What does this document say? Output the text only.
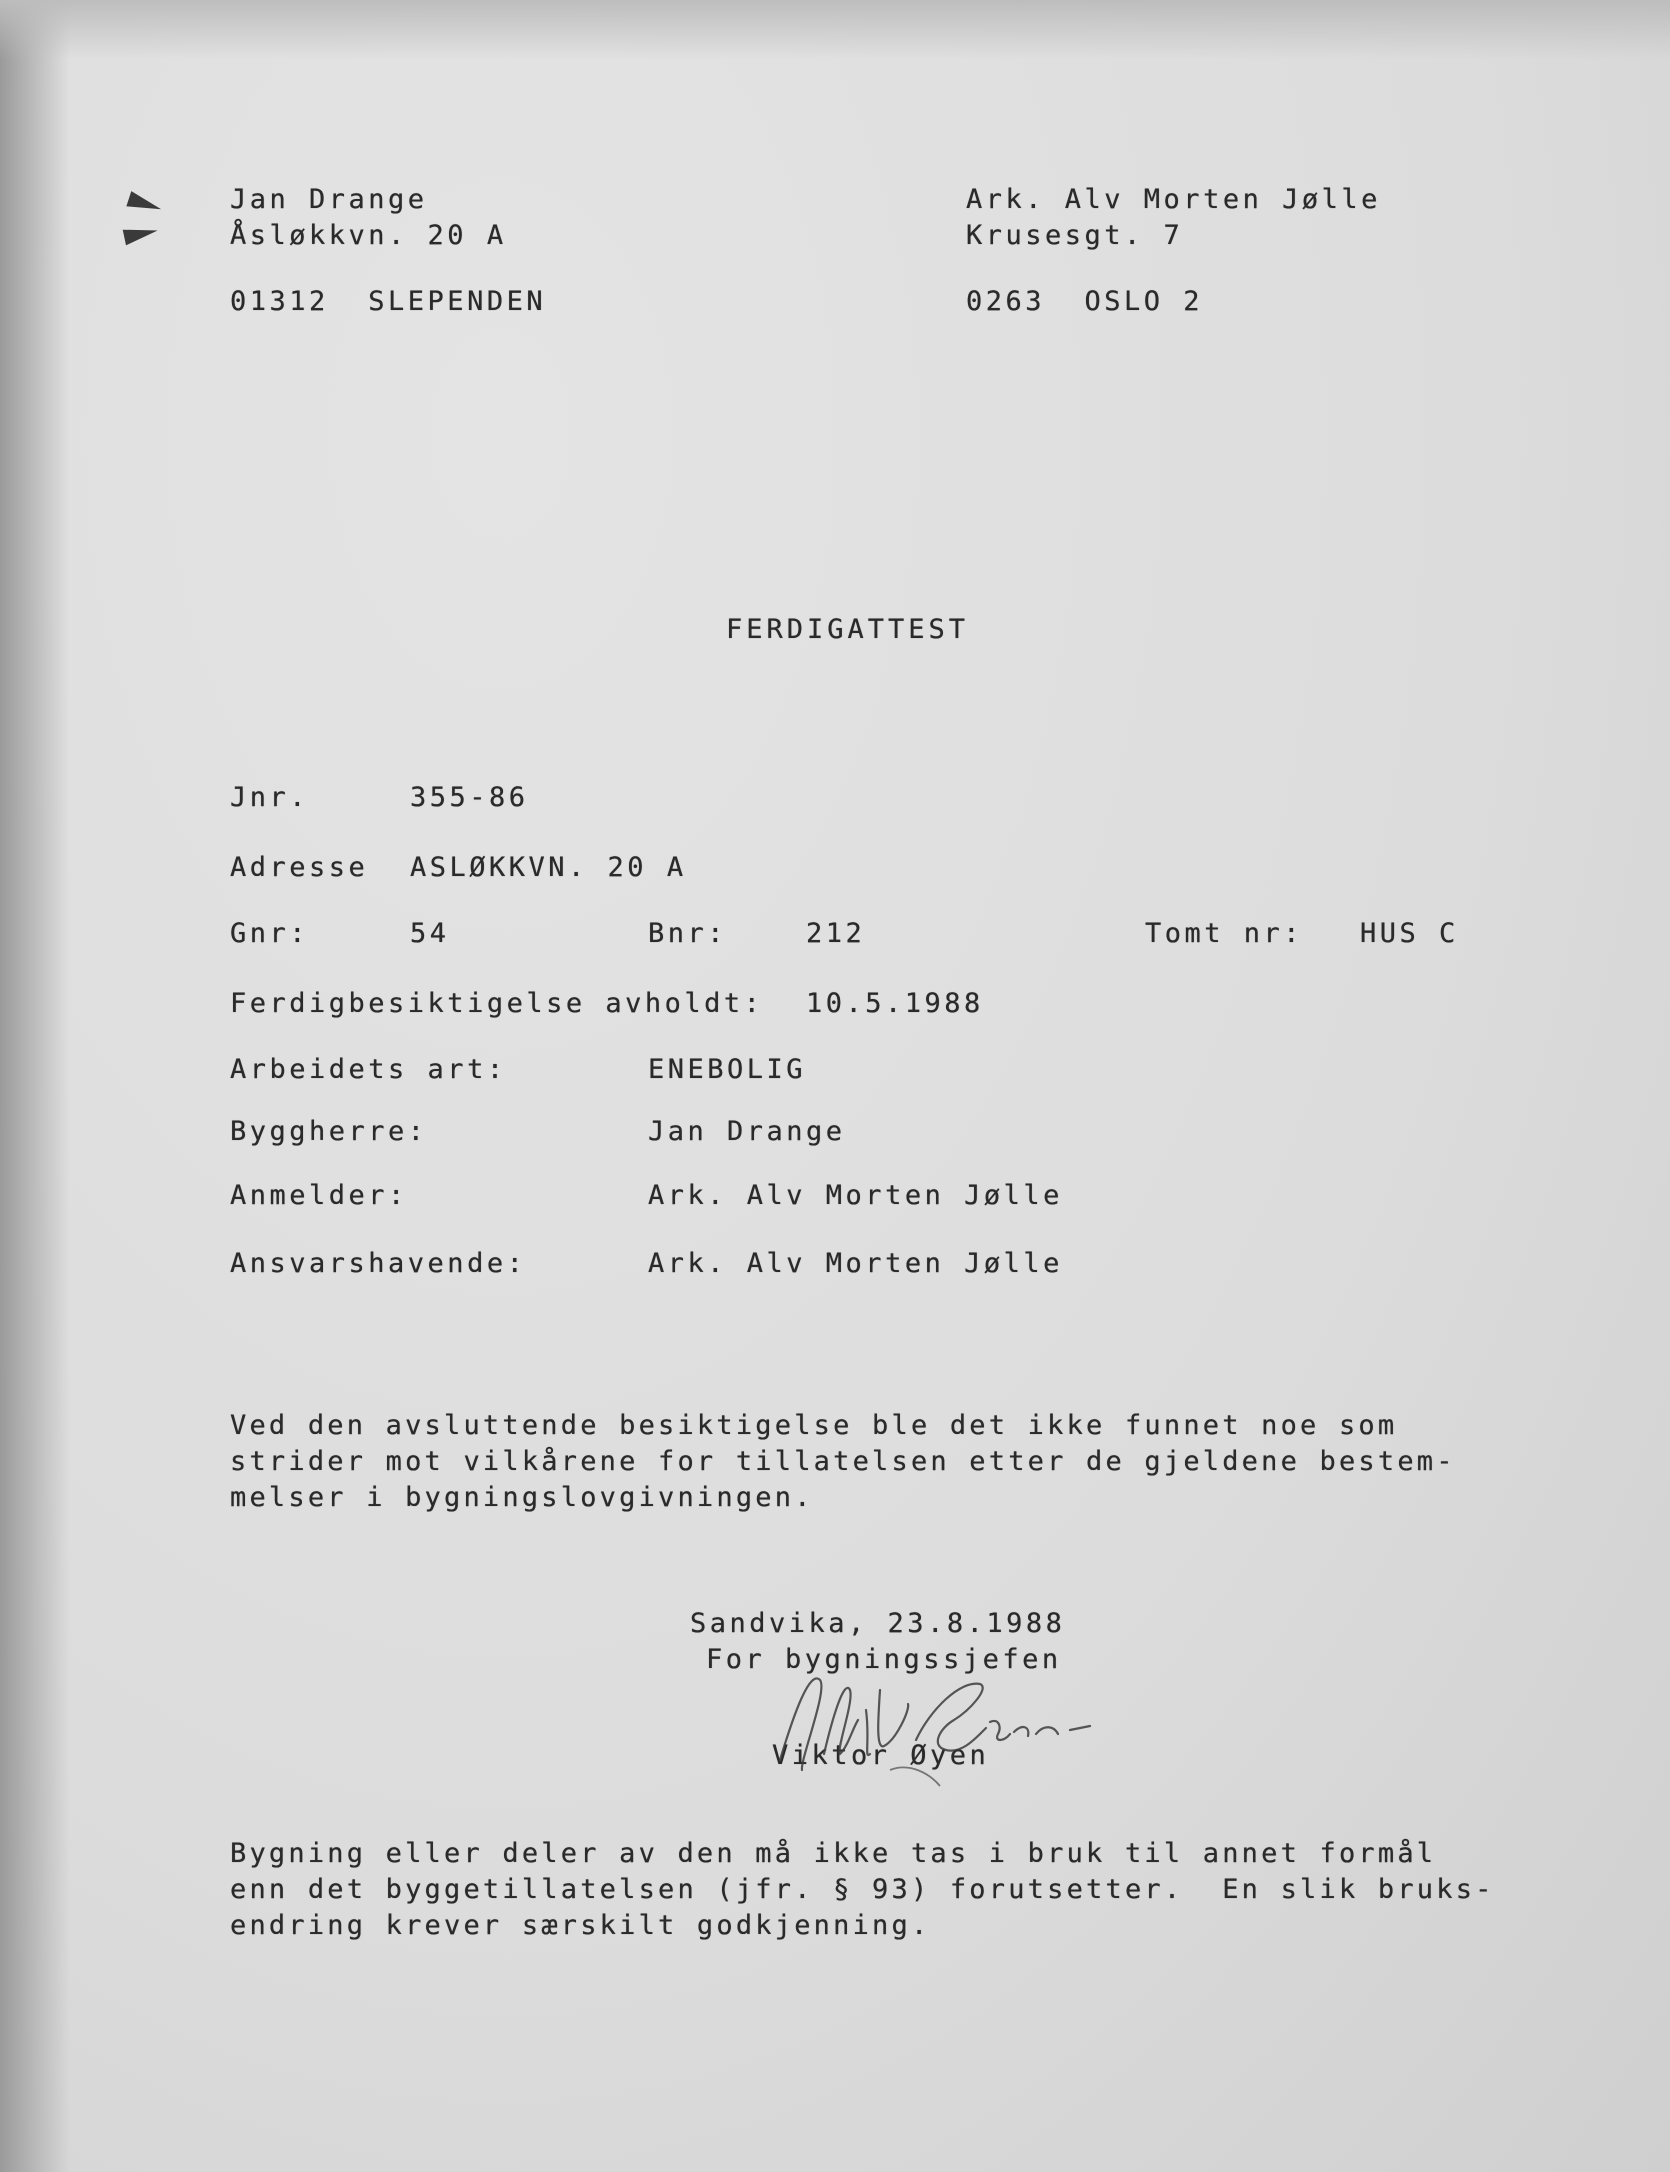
Jan Drange
Åsløkkvn. 20 A
01312  SLEPENDEN
Ark. Alv Morten Jølle
Krusesgt. 7
0263  OSLO 2
FERDIGATTEST
Jnr.	355-86
Adresse ASLØKKVN. 20 A
Gnr:	54	Bnr:	212	Tomt nr: HUS C
Ferdigbesiktigelse avholdt: 10.5.1988
Arbeidets art:	ENEBOLIG
Byggherre:	Jan Drange
Anmelder:	Ark. Alv Morten Jølle
Ansvarshavende:	Ark. Alv Morten Jølle
Ved den avsluttende besiktigelse ble det ikke funnet noe som
strider mot vilkårene for tillatelsen etter de gjeldene bestem-
melser i bygningslovgivningen.
Sandvika, 23.8.1988
For bygningssjefen
Viktor Øyen
Bygning eller deler av den må ikke tas i bruk til annet formål
enn det byggetillatelsen (jfr. § 93) forutsetter.  En slik bruks-
endring krever særskilt godkjenning.
